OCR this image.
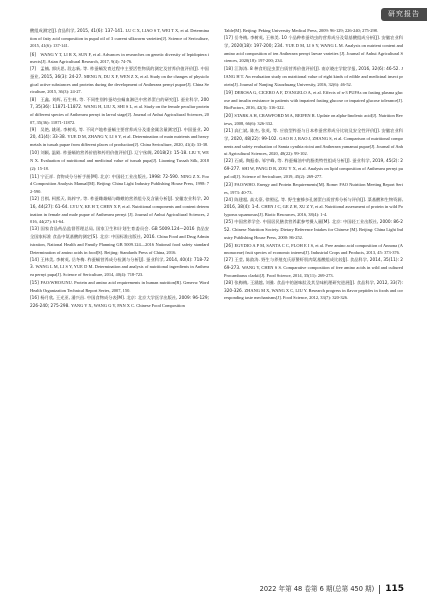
研究报告

酸组成测定[J].食品科学, 2015, 41(6): 137-141. LU C X, LIAO S T, WEI T X, et al. Determination of fatty acid composition in pupal oil of 3 current silkworm varieties[J]. Science of Sericulture, 2015, 41(6): 137-141.

[6] WANG Y T, LI R X, SUN F, et al. Advances in researches on genetic diversity of lepidoptera insects[J]. Asian Agricultural Research, 2017, 9(4): 74-76.

[7] 孟楠, 郭庆思, 段志新, 等. 柞蚕蛹发育过程中主要活性物质的测定及营养价值评价[J]. 中国蚕业, 2015, 36(3): 24-27. MENG N, DU X F, WEN Z X, et al. Study on the changes of physiological active substances and proteins during the development of Antheraea pernyi pupae[J]. China Sericulture, 2015, 36(3): 24-27.

[8] 王鑫, 刘辉, 石生林, 等. 不同性别柞蚕幼虫蛹血淋巴中营养蛋白的研究[J]. 蚕业科学, 2007, 35(36): 11871-11872. WANG H, LIU X, SHI S L, et al. Study on the female peculiar protein of different species of Antheraea pernyi in larval stage[J]. Journal of Anhui Agricultural Sciences, 2007, 35(36): 11871-11872.

[9] 吴艳, 姚瑶, 李树英, 等. 不同产地柞蚕蛹主要营养成分及重金属含量测定[J]. 中国蚕业, 2020, 41(4): 33-38. YUE D M, ZHANG Y, LI S Y, et al. Determination of main nutrients and heavy metals in tussah pupae from different places of production[J]. China Sericulture, 2020, 41(4): 33-38.

[10] 刘颖, 温殿. 柞蚕蛹的营养价值和药用价值评价[J]. 辽宁丝绸, 2018(2): 15-18. LIU Y, WEN X. Evaluation of nutritional and medicinal value of tussah pupa[J]. Liaoning Tussah Silk, 2018(2): 15-18.

[11] 宁正祥. 食物成分分析手册[M]. 北京: 中国轻工业出版社, 1998: 72-590. NING Z X. Food Composition Analysis Manual[M]. Beijing: China Light Industry Publishing House Press, 1998: 72-590.

[12] 吕棋, 柯熙天, 陈梓宇, 等. 柞蚕雌雄蛹与雌蛾的营养组分及含量分析[J]. 安徽农业科学, 2016, 44(27): 61-64. LYU Y, KE H T, CHEN X P, et al. Nutritional components and content determination in female and male pupae of Antheraea pernyi [J]. Journal of Anhui Agricultural Sciences, 2016, 44(27): 61-64.

[13] 国家食品药品监督管理总局, 国家卫生和计划生育委员会. GB 5009.124—2016 食品安全国家标准 食品中氨基酸的测定[S]. 北京: 中国标准出版社, 2016. China Food and Drug Administration, National Health and Family Planning GB 5009.124—2016 National food safety standard Determination of amino acids in food[S]. Beijing: Standards Press of China, 2016.

[14] 王林美, 李树英, 岳冬梅. 柞蚕蛹营养成分检测与分析[J]. 蚕业科学, 2014, 40(4): 718-723. WANG L M, LI S Y, YUE D M. Determination and analysis of nutritional ingredients in Antheraea pernyi pupa[J]. Science of Sericulture, 2014, 40(4): 718-723.

[15] FAO/WHO/UNU. Protein and amino acid requirements in human nutrition[R]. Geneva: Word Health Organization Technical Report Series, 2007, 150.

[16] 杨月欣, 王光亚, 潘兴昌. 中国食物成分表[M]. 北京: 北京大学医学出版社, 2009: 96-129; 226-240; 275-298. YANG Y X, WANG G Y, PAN X C. Chinese Food Composition

Table[M]. Beijing: Peking University Medical Press, 2009: 96-129; 226-240; 275-298.

[17] 岳冬梅, 李树英, 王林美. 10 个品种柞蚕幼虫的营养成分及氨基酸组成分析[J]. 安徽农业科学, 2020(18): 197-200; 234. YUE D M, LI S Y, WANG L M. Analysis on nutrient content and amino acid composition of ten Antheraea pernyi larvae varieties [J]. Journal of Anhui Agricultural Sciences, 2020(18): 197-200; 234.

[18] 江海涛. 8 种食用昆虫蛋白质营养价值评价[J]. 南京晓庄学院学报, 2016, 32(6): 46-52. JIANG H T. An evaluation study on nutritional value of eight kinds of edible and medicinal insect protein[J]. Journal of Nanjing Xiaozhuang University, 2016, 32(6): 46-52.

[19] DEROSA G, CICERO A F, D'ANGELO A, et al. Effects of n-3 PUFAs on fasting plasma glucose and insulin resistance in patients with impaired fasting glucose or impaired glucose tolerance[J]. BioFactors, 2016, 42(3): 316-322.

[20] STARK A H, CRAWFORD M A, REIFEN R. Update on alpha-linolenic acid[J]. Nutrition Reviews, 2008, 66(6): 326-332.

[21] 高仁斌, 陈杰, 张英, 等. 应放型柞蚕与日本柞蚕营养成分比较及安全性评价[J]. 安徽农业科学, 2020, 48(22): 99-102. GAO R J, RAO J, ZHANG S, et al. Comparison of nutritional components and safety evaluation of Samia cynthia ricini and Antheraea yamamai pupae[J]. Journal of Anhui Agricultural Sciences, 2020, 48(22): 99-102.

[22] 石威, 陶振泰, 邹宇峰, 等. 柞蚕蛹油中的脂类特性组成分析[J]. 蚕业科学, 2019, 45(2): 269-277. SHI W, PANG D R, ZOU Y X, et al. Analysis on lipid composition of Antheraea pernyi pupal oil[J]. Science of Sericulture, 2019, 45(2): 269-277.

[23] FAO/WHO. Energy and Protein Requirements[M]. Rome: FAO Nutrition Meeting Report Series, 1973: 40-73.

[24] 陈建超, 高太豪, 徐照远, 等. 野生蜜蜂多孔菌蛋白质营养分析与评价[J]. 菜基酸和生物资源, 2016, 38(4): 1-4. CHEN J C, GE Z H, XU Z Y, et al. Nutritional assessment of protein in wild Polyporus squamosus[J]. Biotic Resources, 2016, 38(4): 1-4.

[25] 中国营养学会. 中国居民膳食营养素参考摄入量[M]. 北京: 中国轻工业出版社, 2000: 86-252. Chinese Nutrition Society. Dietary Reference Intakes for Chinese [M]. Beijing: China Light Industry Publishing House Press, 2000: 86-252.

[26] EGYDIO A P M, SANTA C C, FLOH E I S, et al. Free amino acid composition of Annona (Annonaceae) fruit species of economic interest[J]. Industrial Crops and Products, 2013, 45: 373-376.

[27] 王莹, 陈韵涛. 野生与养殖克氏原螯虾肌肉氨基酸组成比较[J]. 食品科学, 2014, 35(11): 269-273. WANG Y, CHEN S S. Comparative composition of free amino acids in wild and cultured Procambarus clarkii[J]. Food Science, 2014, 35(11): 269-273.

[28] 张梅梅, 王涵越, 刘雅. 食品中的滋味肽及其呈味机理研究进展[J]. 食品科学, 2012, 33(7): 320-326. ZHANG M X, WANG X C, LIU Y. Research progress in flavor peptides in foods and corresponding taste mechanisms[J]. Food Science, 2012, 33(7): 320-326.

2022 年第 48 卷第 6 期(总第 450 期) 115
